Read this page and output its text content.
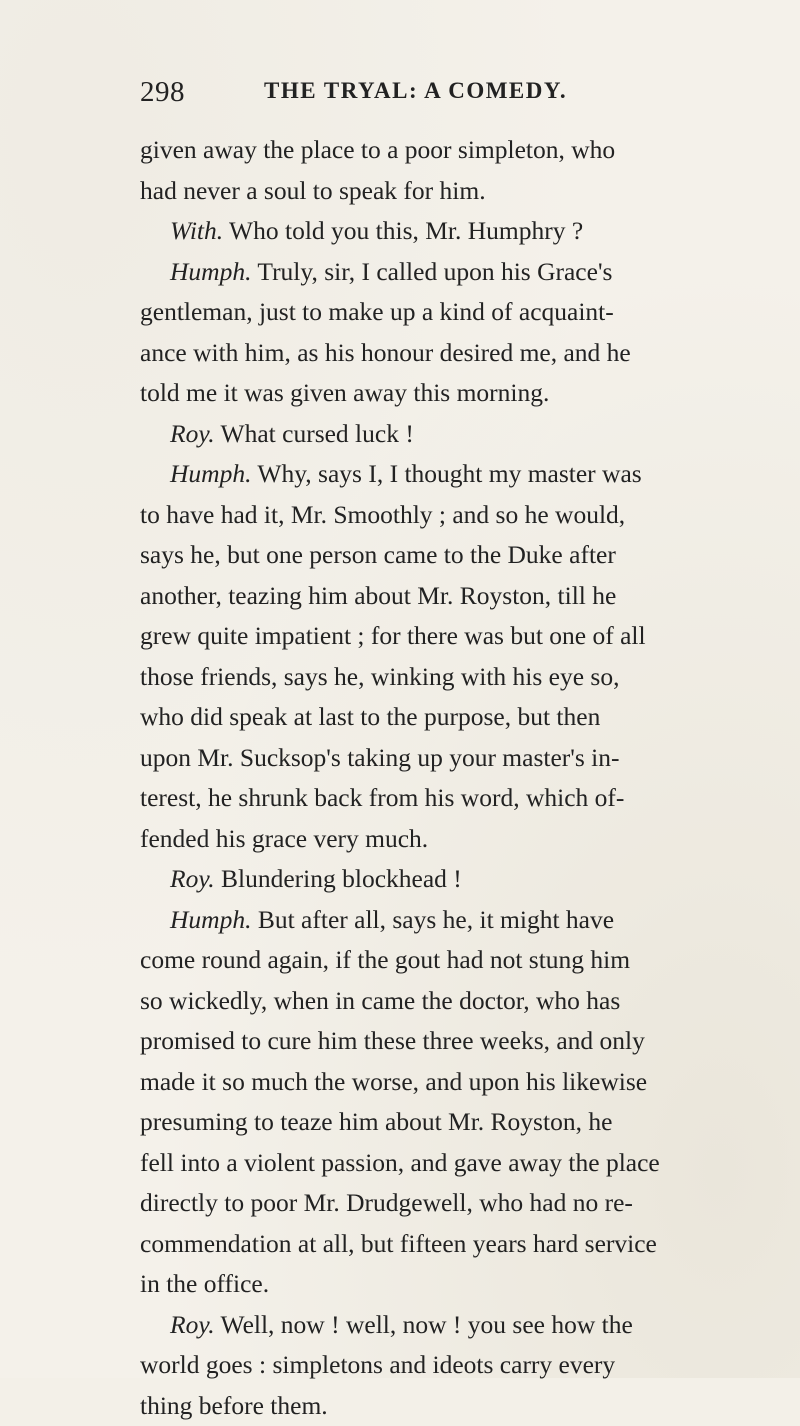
298	THE TRYAL: A COMEDY.
given away the place to a poor simpleton, who
had never a soul to speak for him.
With. Who told you this, Mr. Humphry ?
Humph. Truly, sir, I called upon his Grace's
gentleman, just to make up a kind of acquaint-
ance with him, as his honour desired me, and he
told me it was given away this morning.
Roy. What cursed luck !
Humph. Why, says I, I thought my master was
to have had it, Mr. Smoothly ; and so he would,
says he, but one person came to the Duke after
another, teazing him about Mr. Royston, till he
grew quite impatient ; for there was but one of all
those friends, says he, winking with his eye so,
who did speak at last to the purpose, but then
upon Mr. Sucksop's taking up your master's in-
terest, he shrunk back from his word, which of-
fended his grace very much.
Roy. Blundering blockhead !
Humph. But after all, says he, it might have
come round again, if the gout had not stung him
so wickedly, when in came the doctor, who has
promised to cure him these three weeks, and only
made it so much the worse, and upon his likewise
presuming to teaze him about Mr. Royston, he
fell into a violent passion, and gave away the place
directly to poor Mr. Drudgewell, who had no re-
commendation at all, but fifteen years hard service
in the office.
Roy. Well, now ! well, now ! you see how the
world goes : simpletons and ideots carry every
thing before them.
